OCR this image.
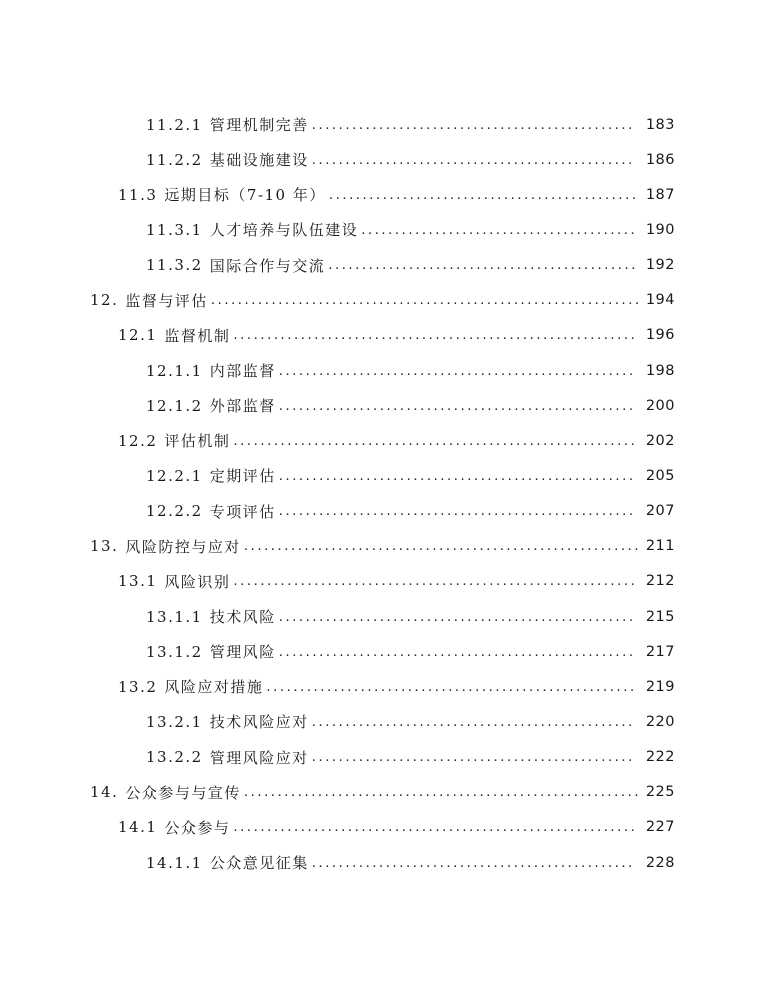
11.2.1 管理机制完善 .....	183
11.2.2 基础设施建设 .....	186
11.3 远期目标（7-10 年） .....	187
11.3.1 人才培养与队伍建设 .....	190
11.3.2 国际合作与交流 .....	192
12. 监督与评估 .....	194
12.1 监督机制 .....	196
12.1.1 内部监督 .....	198
12.1.2 外部监督 .....	200
12.2 评估机制 .....	202
12.2.1 定期评估 .....	205
12.2.2 专项评估 .....	207
13. 风险防控与应对 .....	211
13.1 风险识别 .....	212
13.1.1 技术风险 .....	215
13.1.2 管理风险 .....	217
13.2 风险应对措施 .....	219
13.2.1 技术风险应对 .....	220
13.2.2 管理风险应对 .....	222
14. 公众参与与宣传 .....	225
14.1 公众参与 .....	227
14.1.1 公众意见征集 .....	228
